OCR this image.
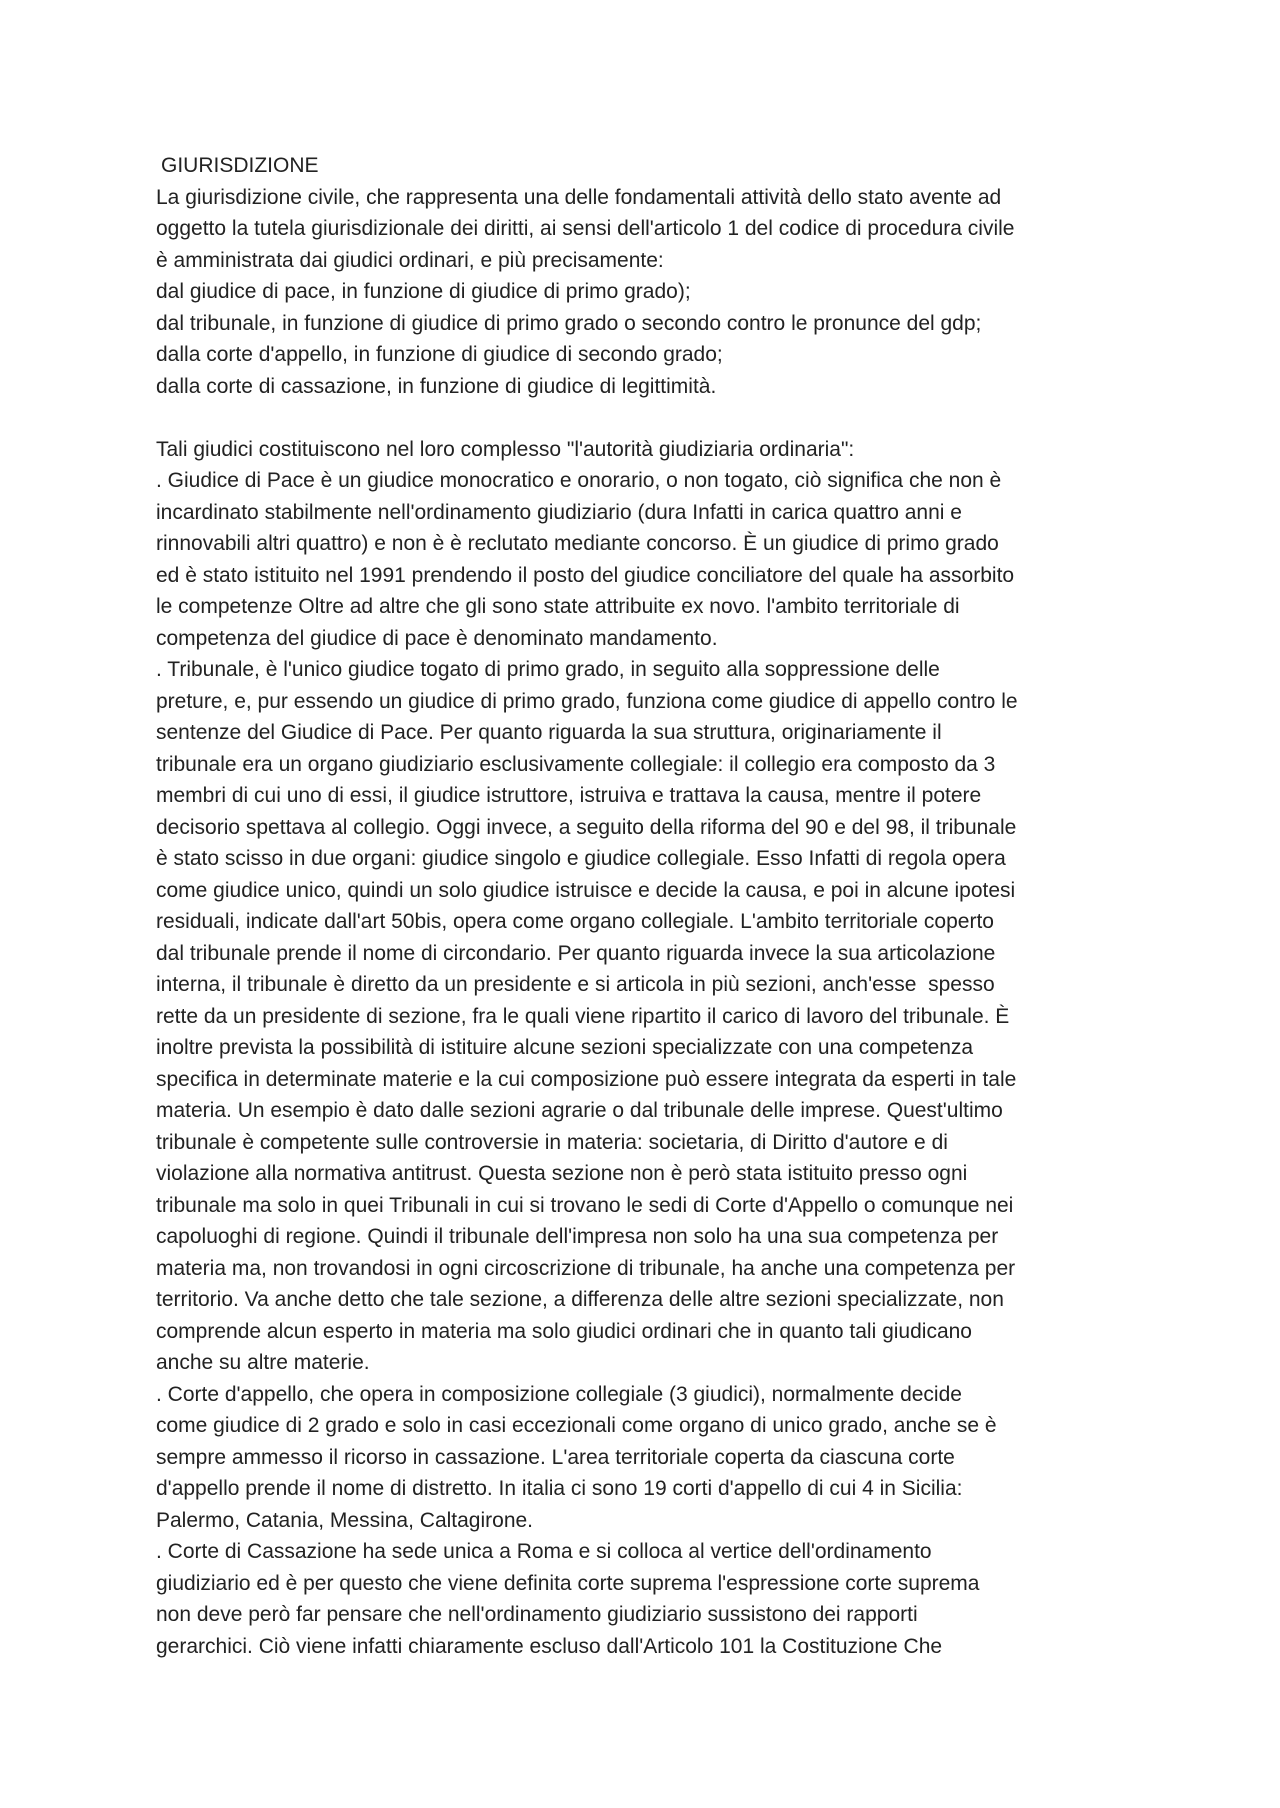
GIURISDIZIONE

La giurisdizione civile, che rappresenta una delle fondamentali attività dello stato avente ad

oggetto la tutela giurisdizionale dei diritti, ai sensi dell'articolo 1 del codice di procedura civile

è amministrata dai giudici ordinari, e più precisamente:

dal giudice di pace, in funzione di giudice di primo grado);

dal tribunale, in funzione di giudice di primo grado o secondo contro le pronunce del gdp;

dalla corte d'appello, in funzione di giudice di secondo grado;

dalla corte di cassazione, in funzione di giudice di legittimità.

Tali giudici costituiscono nel loro complesso "l'autorità giudiziaria ordinaria":

. Giudice di Pace è un giudice monocratico e onorario, o non togato, ciò significa che non è

incardinato stabilmente nell'ordinamento giudiziario (dura Infatti in carica quattro anni e

rinnovabili altri quattro) e non è è reclutato mediante concorso. È un giudice di primo grado

ed è stato istituito nel 1991 prendendo il posto del giudice conciliatore del quale ha assorbito

le competenze Oltre ad altre che gli sono state attribuite ex novo. l'ambito territoriale di

competenza del giudice di pace è denominato mandamento.

. Tribunale, è l'unico giudice togato di primo grado, in seguito alla soppressione delle

preture, e, pur essendo un giudice di primo grado, funziona come giudice di appello contro le

sentenze del Giudice di Pace. Per quanto riguarda la sua struttura, originariamente il

tribunale era un organo giudiziario esclusivamente collegiale: il collegio era composto da 3

membri di cui uno di essi, il giudice istruttore, istruiva e trattava la causa, mentre il potere

decisorio spettava al collegio. Oggi invece, a seguito della riforma del 90 e del 98, il tribunale

è stato scisso in due organi: giudice singolo e giudice collegiale. Esso Infatti di regola opera

come giudice unico, quindi un solo giudice istruisce e decide la causa, e poi in alcune ipotesi

residuali, indicate dall'art 50bis, opera come organo collegiale. L'ambito territoriale coperto

dal tribunale prende il nome di circondario. Per quanto riguarda invece la sua articolazione

interna, il tribunale è diretto da un presidente e si articola in più sezioni, anch'esse  spesso

rette da un presidente di sezione, fra le quali viene ripartito il carico di lavoro del tribunale. È

inoltre prevista la possibilità di istituire alcune sezioni specializzate con una competenza

specifica in determinate materie e la cui composizione può essere integrata da esperti in tale

materia. Un esempio è dato dalle sezioni agrarie o dal tribunale delle imprese. Quest'ultimo

tribunale è competente sulle controversie in materia: societaria, di Diritto d'autore e di

violazione alla normativa antitrust. Questa sezione non è però stata istituito presso ogni

tribunale ma solo in quei Tribunali in cui si trovano le sedi di Corte d'Appello o comunque nei

capoluoghi di regione. Quindi il tribunale dell'impresa non solo ha una sua competenza per

materia ma, non trovandosi in ogni circoscrizione di tribunale, ha anche una competenza per

territorio. Va anche detto che tale sezione, a differenza delle altre sezioni specializzate, non

comprende alcun esperto in materia ma solo giudici ordinari che in quanto tali giudicano

anche su altre materie.

. Corte d'appello, che opera in composizione collegiale (3 giudici), normalmente decide

come giudice di 2 grado e solo in casi eccezionali come organo di unico grado, anche se è

sempre ammesso il ricorso in cassazione. L'area territoriale coperta da ciascuna corte

d'appello prende il nome di distretto. In italia ci sono 19 corti d'appello di cui 4 in Sicilia:

Palermo, Catania, Messina, Caltagirone.

. Corte di Cassazione ha sede unica a Roma e si colloca al vertice dell'ordinamento

giudiziario ed è per questo che viene definita corte suprema l'espressione corte suprema

non deve però far pensare che nell'ordinamento giudiziario sussistono dei rapporti

gerarchici. Ciò viene infatti chiaramente escluso dall'Articolo 101 la Costituzione Che
